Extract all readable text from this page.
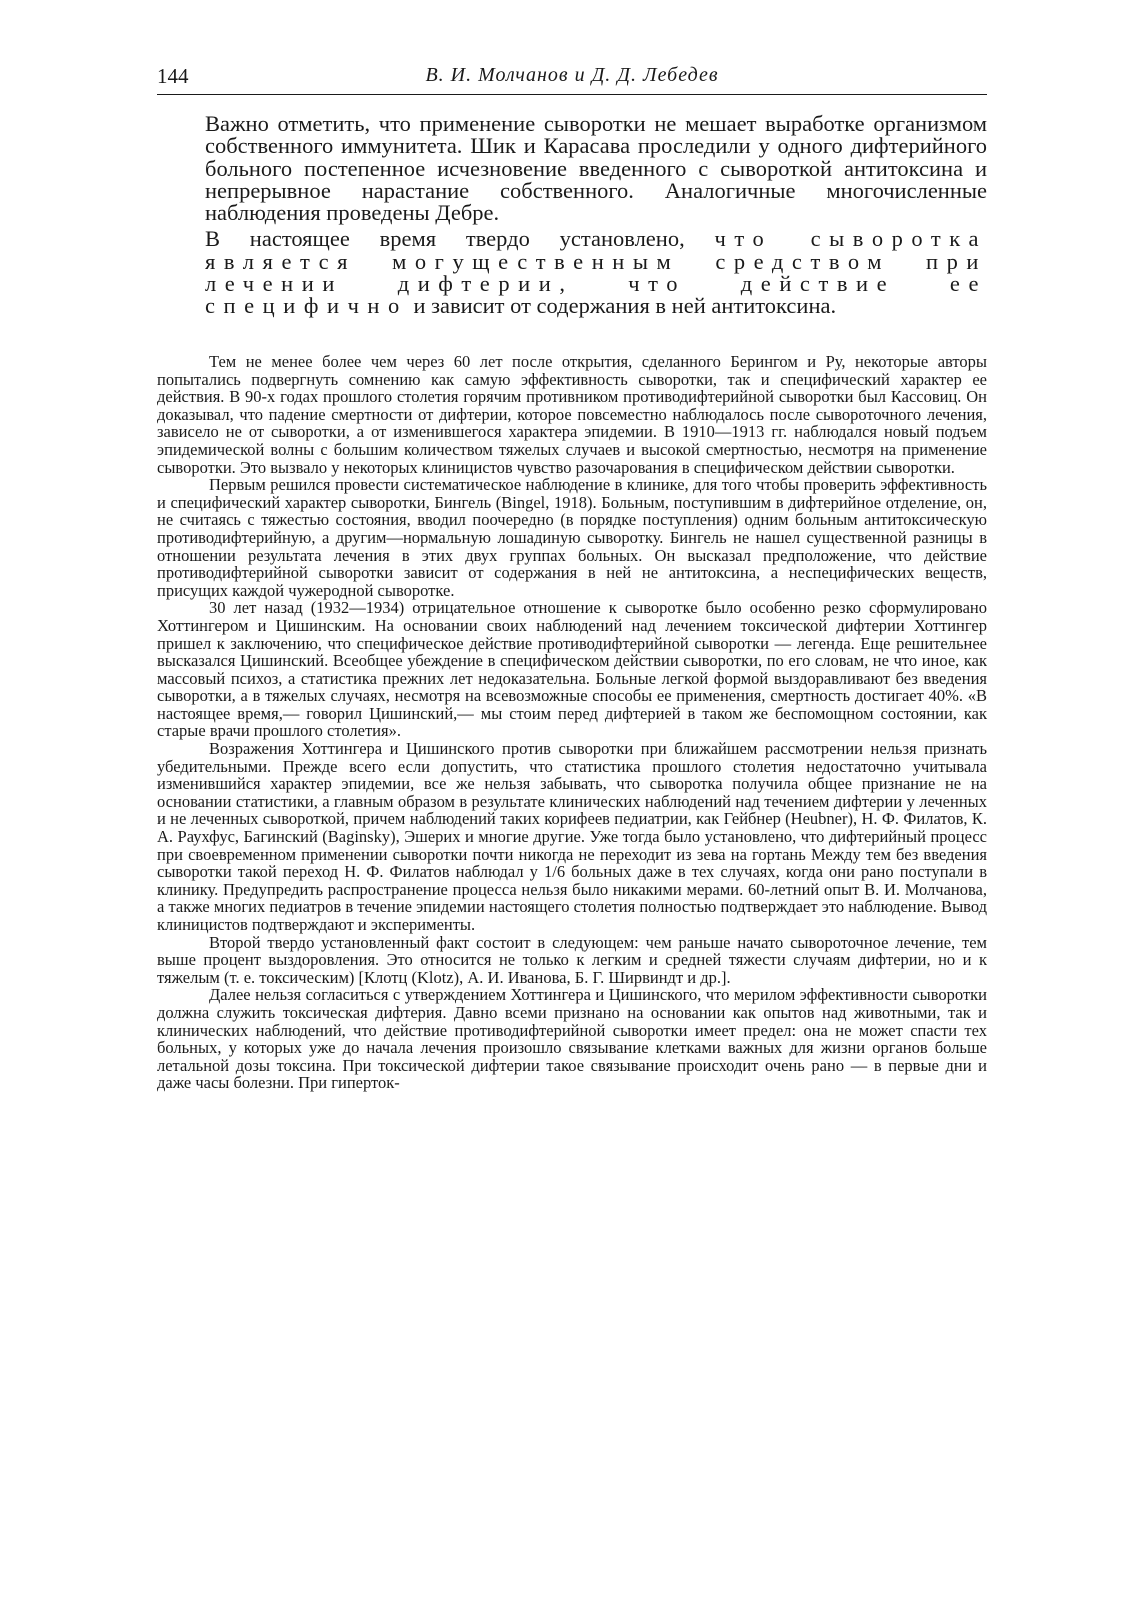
144	В. И. Молчанов и Д. Д. Лебедев

Важно отметить, что применение сыворотки не мешает выработке организмом собственного иммунитета. Шик и Карасава проследили у одного дифтерийного больного постепенное исчезновение введенного с сывороткой антитоксина и непрерывное нарастание собственного. Аналогичные многочисленные наблюдения проведены Дебре.

В настоящее время твердо установлено, что сыворотка является могущественным средством при лечении дифтерии, что действие ее специфично и зависит от содержания в ней антитоксина.

Тем не менее более чем через 60 лет после открытия, сделанного Берингом и Ру, некоторые авторы попытались подвергнуть сомнению как самую эффективность сыворотки, так и специфический характер ее действия. В 90-х годах прошлого столетия горячим противником противодифтерийной сыворотки был Кассовиц. Он доказывал, что падение смертности от дифтерии, которое повсеместно наблюдалось после сывороточного лечения, зависело не от сыворотки, а от изменившегося характера эпидемии. В 1910—1913 гг. наблюдался новый подъем эпидемической волны с большим количеством тяжелых случаев и высокой смертностью, несмотря на применение сыворотки. Это вызвало у некоторых клиницистов чувство разочарования в специфическом действии сыворотки.

Первым решился провести систематическое наблюдение в клинике, для того чтобы проверить эффективность и специфический характер сыворотки, Бингель (Bingel, 1918). Больным, поступившим в дифтерийное отделение, он, не считаясь с тяжестью состояния, вводил поочередно (в порядке поступления) одним больным антитоксическую противодифтерийную, а другим—нормальную лошадиную сыворотку. Бингель не нашел существенной разницы в отношении результата лечения в этих двух группах больных. Он высказал предположение, что действие противодифтерийной сыворотки зависит от содержания в ней не антитоксина, а неспецифических веществ, присущих каждой чужеродной сыворотке.

30 лет назад (1932—1934) отрицательное отношение к сыворотке было особенно резко сформулировано Хоттингером и Цишинским. На основании своих наблюдений над лечением токсической дифтерии Хоттингер пришел к заключению, что специфическое действие противодифтерийной сыворотки — легенда. Еще решительнее высказался Цишинский. Всеобщее убеждение в специфическом действии сыворотки, по его словам, не что иное, как массовый психоз, а статистика прежних лет недоказательна. Больные легкой формой выздоравливают без введения сыворотки, а в тяжелых случаях, несмотря на всевозможные способы ее применения, смертность достигает 40%. «В настоящее время,— говорил Цишинский,— мы стоим перед дифтерией в таком же беспомощном состоянии, как старые врачи прошлого столетия».

Возражения Хоттингера и Цишинского против сыворотки при ближайшем рассмотрении нельзя признать убедительными. Прежде всего если допустить, что статистика прошлого столетия недостаточно учитывала изменившийся характер эпидемии, все же нельзя забывать, что сыворотка получила общее признание не на основании статистики, а главным образом в результате клинических наблюдений над течением дифтерии у леченных и не леченных сывороткой, причем наблюдений таких корифеев педиатрии, как Гейбнер (Heubner), Н. Ф. Филатов, К. А. Раухфус, Багинский (Baginsky), Эшерих и многие другие. Уже тогда было установлено, что дифтерийный процесс при своевременном применении сыворотки почти никогда не переходит из зева на гортань Между тем без введения сыворотки такой переход Н. Ф. Филатов наблюдал у 1/6 больных даже в тех случаях, когда они рано поступали в клинику. Предупредить распространение процесса нельзя было никакими мерами. 60-летний опыт В. И. Молчанова, а также многих педиатров в течение эпидемии настоящего столетия полностью подтверждает это наблюдение. Вывод клиницистов подтверждают и эксперименты.

Второй твердо установленный факт состоит в следующем: чем раньше начато сывороточное лечение, тем выше процент выздоровления. Это относится не только к легким и средней тяжести случаям дифтерии, но и к тяжелым (т. е. токсическим) [Клотц (Klotz), А. И. Иванова, Б. Г. Ширвиндт и др.].

Далее нельзя согласиться с утверждением Хоттингера и Цишинского, что мерилом эффективности сыворотки должна служить токсическая дифтерия. Давно всеми признано на основании как опытов над животными, так и клинических наблюдений, что действие противодифтерийной сыворотки имеет предел: она не может спасти тех больных, у которых уже до начала лечения произошло связывание клетками важных для жизни органов больше летальной дозы токсина. При токсической дифтерии такое связывание происходит очень рано — в первые дни и даже часы болезни. При гиперток-
